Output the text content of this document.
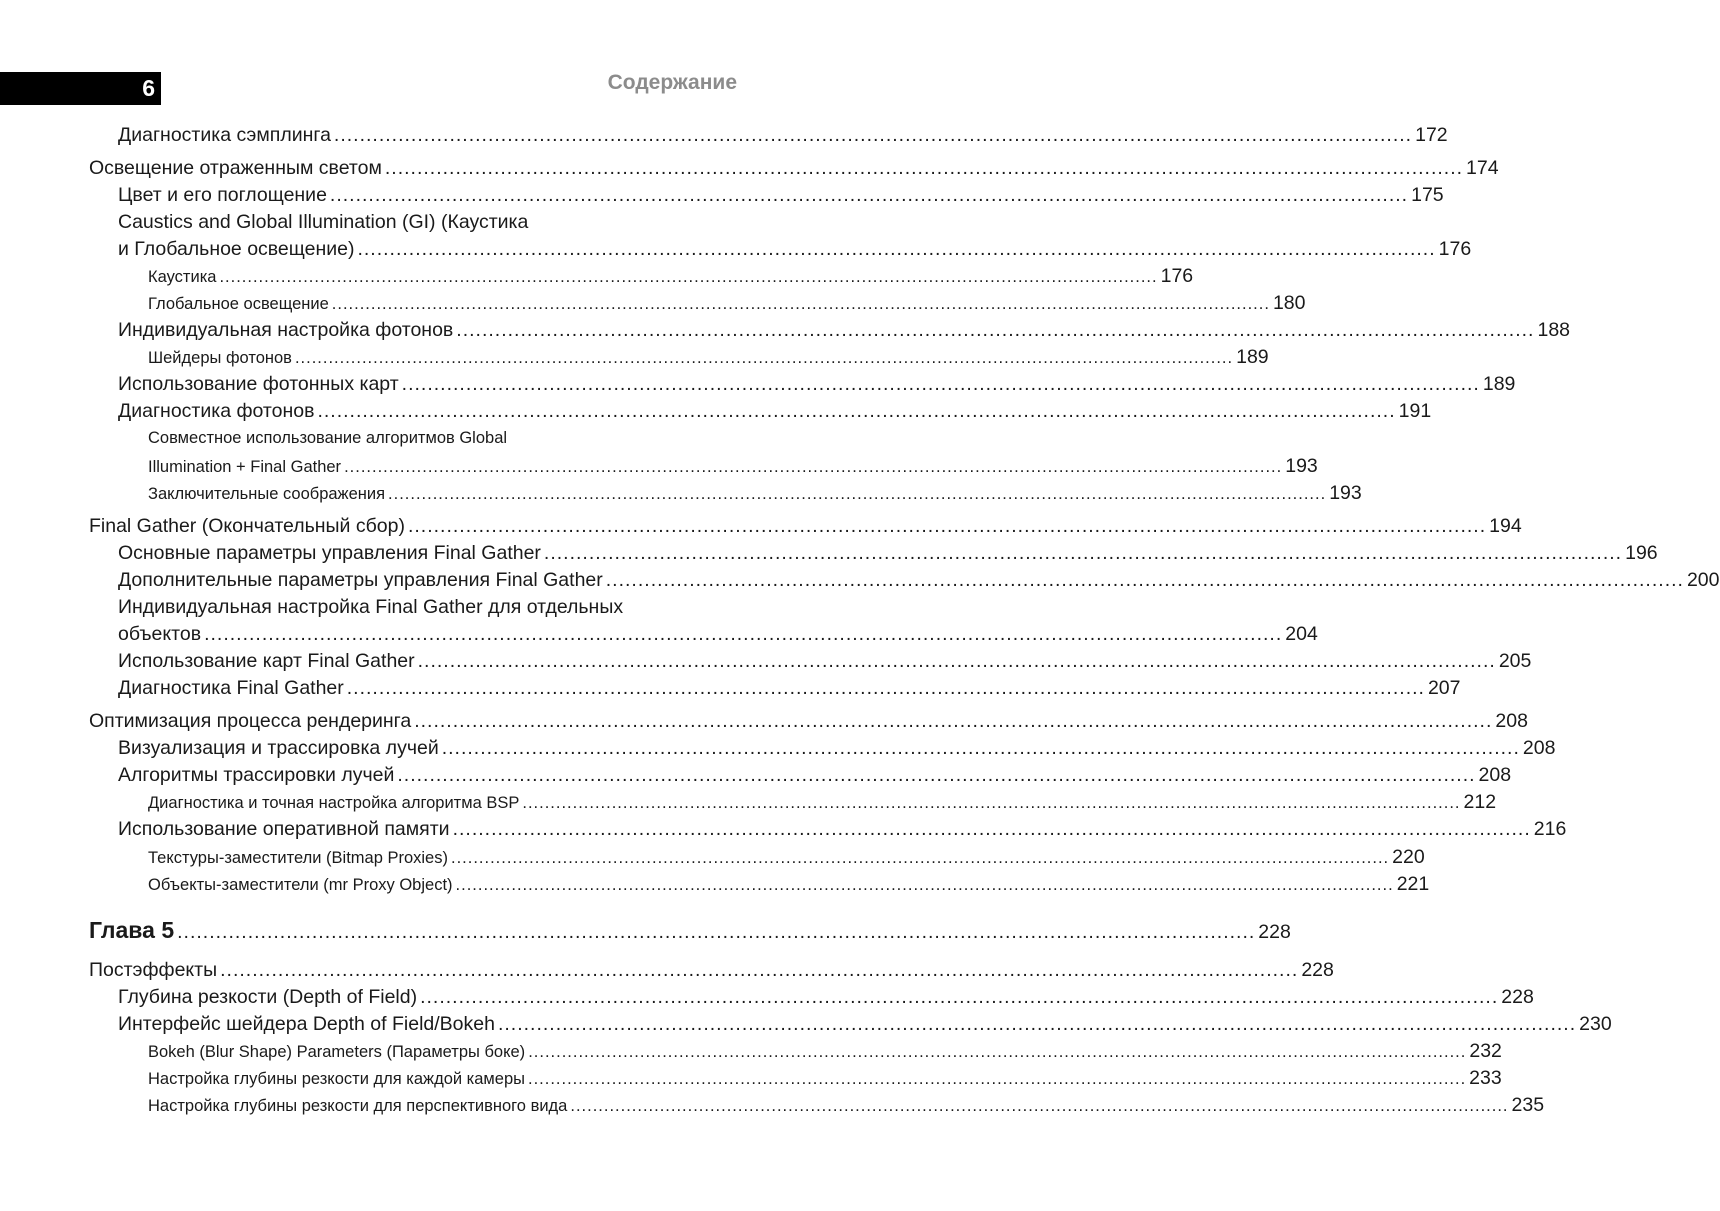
6	Содержание
Диагностика сэмплинга ........................................................................................................................................................................ 172
Освещение отраженным светом ........................................................................................................................................................................ 174
Цвет и его поглощение ........................................................................................................................................................................ 175
Caustics and Global Illumination (GI) (Каустика
и Глобальное освещение) ........................................................................................................................................................................ 176
Каустика ........................................................................................................................................................................ 176
Глобальное освещение ........................................................................................................................................................................ 180
Индивидуальная настройка фотонов ........................................................................................................................................................................ 188
Шейдеры фотонов ........................................................................................................................................................................ 189
Использование фотонных карт ........................................................................................................................................................................ 189
Диагностика фотонов ........................................................................................................................................................................ 191
Совместное использование алгоритмов Global
Illumination + Final Gather ........................................................................................................................................................................ 193
Заключительные соображения ........................................................................................................................................................................ 193
Final Gather (Окончательный сбор) ........................................................................................................................................................................ 194
Основные параметры управления Final Gather ........................................................................................................................................................................ 196
Дополнительные параметры управления Final Gather ........................................................................................................................................................................ 200
Индивидуальная настройка Final Gather для отдельных
объектов ........................................................................................................................................................................ 204
Использование карт Final Gather ........................................................................................................................................................................ 205
Диагностика Final Gather ........................................................................................................................................................................ 207
Оптимизация процесса рендеринга ........................................................................................................................................................................ 208
Визуализация и трассировка лучей ........................................................................................................................................................................ 208
Алгоритмы трассировки лучей ........................................................................................................................................................................ 208
Диагностика и точная настройка алгоритма BSP ........................................................................................................................................................................ 212
Использование оперативной памяти ........................................................................................................................................................................ 216
Текстуры-заместители (Bitmap Proxies) ........................................................................................................................................................................ 220
Объекты-заместители (mr Proxy Object) ........................................................................................................................................................................ 221
Глава 5 ........................................................................................................................................................................ 228
Постэффекты ........................................................................................................................................................................ 228
Глубина резкости (Depth of Field) ........................................................................................................................................................................ 228
Интерфейс шейдера Depth of Field/Bokeh ........................................................................................................................................................................ 230
Bokeh (Blur Shape) Parameters (Параметры боке) ........................................................................................................................................................................ 232
Настройка глубины резкости для каждой камеры ........................................................................................................................................................................ 233
Настройка глубины резкости для перспективного вида ........................................................................................................................................................................ 235
